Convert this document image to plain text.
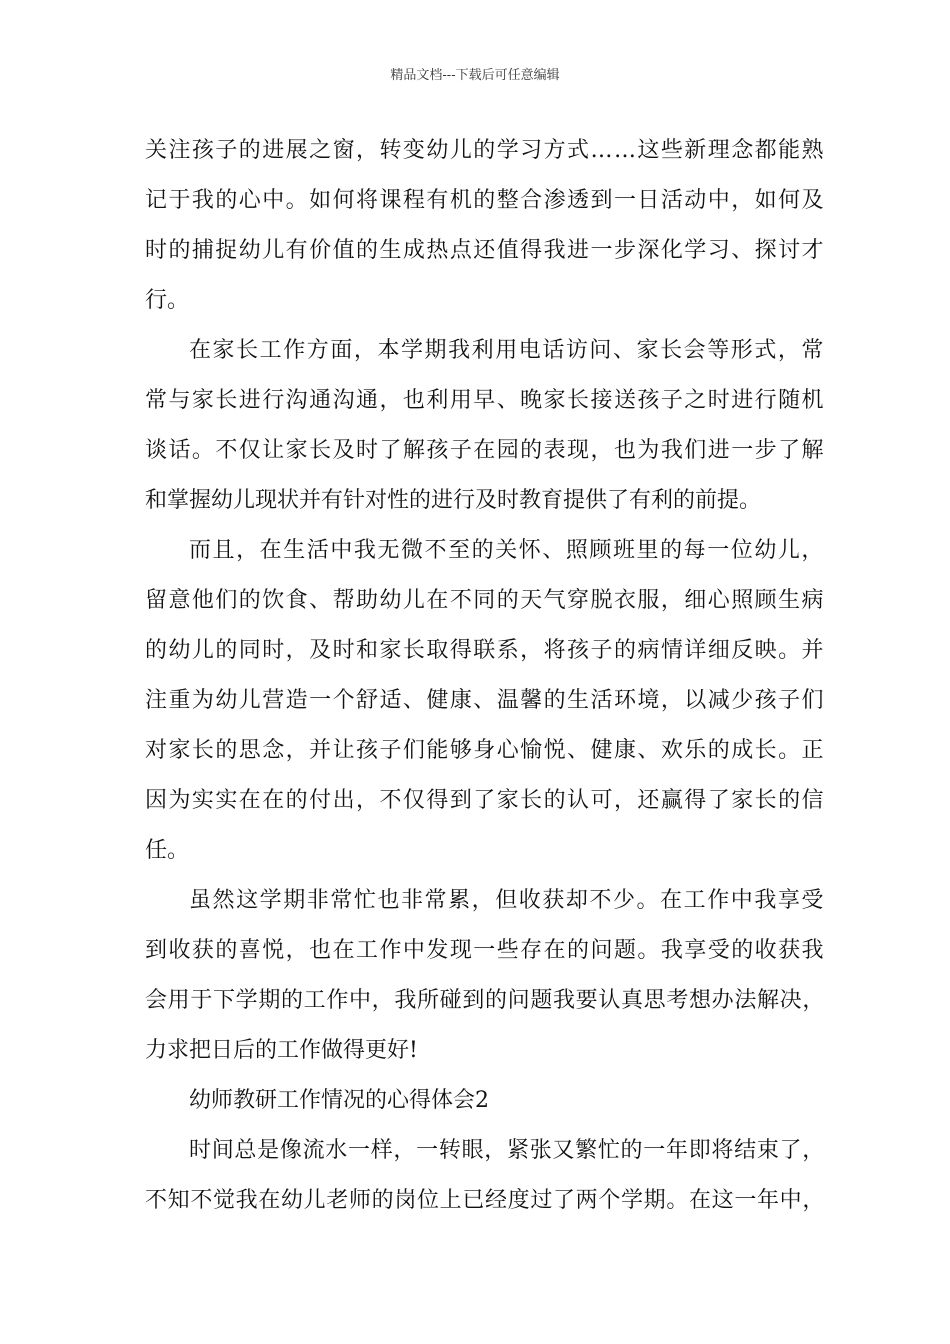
精品文档---下载后可任意编辑
关注孩子的进展之窗，转变幼儿的学习方式……这些新理念都能熟
记于我的心中。如何将课程有机的整合渗透到一日活动中，如何及
时的捕捉幼儿有价值的生成热点还值得我进一步深化学习、探讨才
行。
在家长工作方面，本学期我利用电话访问、家长会等形式，常
常与家长进行沟通沟通，也利用早、晚家长接送孩子之时进行随机
谈话。不仅让家长及时了解孩子在园的表现，也为我们进一步了解
和掌握幼儿现状并有针对性的进行及时教育提供了有利的前提。
而且，在生活中我无微不至的关怀、照顾班里的每一位幼儿，
留意他们的饮食、帮助幼儿在不同的天气穿脱衣服，细心照顾生病
的幼儿的同时，及时和家长取得联系，将孩子的病情详细反映。并
注重为幼儿营造一个舒适、健康、温馨的生活环境，以减少孩子们
对家长的思念，并让孩子们能够身心愉悦、健康、欢乐的成长。正
因为实实在在的付出，不仅得到了家长的认可，还赢得了家长的信
任。
虽然这学期非常忙也非常累，但收获却不少。在工作中我享受
到收获的喜悦，也在工作中发现一些存在的问题。我享受的收获我
会用于下学期的工作中，我所碰到的问题我要认真思考想办法解决，
力求把日后的工作做得更好!
幼师教研工作情况的心得体会2
时间总是像流水一样，一转眼，紧张又繁忙的一年即将结束了，
不知不觉我在幼儿老师的岗位上已经度过了两个学期。在这一年中，
